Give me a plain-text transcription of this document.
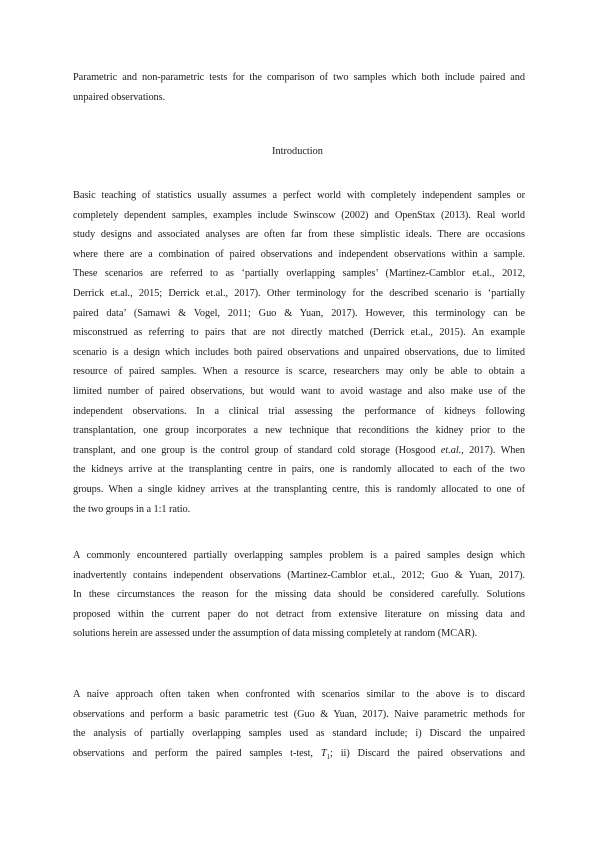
Parametric and non-parametric tests for the comparison of two samples which both include paired and
unpaired observations.
Introduction
Basic teaching of statistics usually assumes a perfect world with completely independent samples or
completely dependent samples, examples include Swinscow (2002) and OpenStax (2013). Real world
study designs and associated analyses are often far from these simplistic ideals. There are occasions
where there are a combination of paired observations and independent observations within a sample.
These scenarios are referred to as ‘partially overlapping samples’ (Martinez-Camblor et.al., 2012,
Derrick et.al., 2015; Derrick et.al., 2017). Other terminology for the described scenario is ‘partially
paired data’ (Samawi & Vogel, 2011; Guo & Yuan, 2017). However, this terminology can be
misconstrued as referring to pairs that are not directly matched (Derrick et.al., 2015). An example
scenario is a design which includes both paired observations and unpaired observations, due to limited
resource of paired samples. When a resource is scarce, researchers may only be able to obtain a
limited number of paired observations, but would want to avoid wastage and also make use of the
independent observations. In a clinical trial assessing the performance of kidneys following
transplantation, one group incorporates a new technique that reconditions the kidney prior to the
transplant, and one group is the control group of standard cold storage (Hosgood et.al., 2017). When
the kidneys arrive at the transplanting centre in pairs, one is randomly allocated to each of the two
groups. When a single kidney arrives at the transplanting centre, this is randomly allocated to one of
the two groups in a 1:1 ratio.
A commonly encountered partially overlapping samples problem is a paired samples design which
inadvertently contains independent observations (Martinez-Camblor et.al., 2012; Guo & Yuan, 2017).
In these circumstances the reason for the missing data should be considered carefully. Solutions
proposed within the current paper do not detract from extensive literature on missing data and
solutions herein are assessed under the assumption of data missing completely at random (MCAR).
A naive approach often taken when confronted with scenarios similar to the above is to discard
observations and perform a basic parametric test (Guo & Yuan, 2017). Naive parametric methods for
the analysis of partially overlapping samples used as standard include; i) Discard the unpaired
observations and perform the paired samples t-test, $T_1$; ii) Discard the paired observations and
